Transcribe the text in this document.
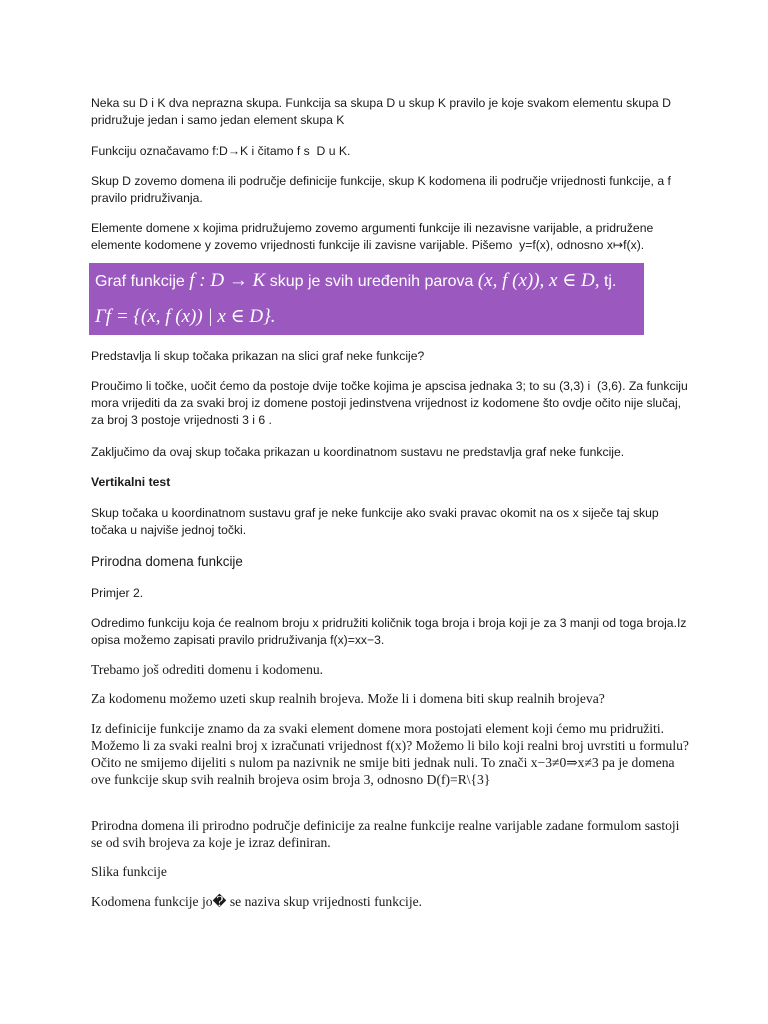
Neka su D i K dva neprazna skupa. Funkcija sa skupa D u skup K pravilo je koje svakom elementu skupa D pridružuje jedan i samo jedan element skupa K

Funkciju označavamo f:D→K i čitamo f s  D u K.

Skup D zovemo domena ili područje definicije funkcije, skup K kodomena ili područje vrijednosti funkcije, a f pravilo pridruživanja.

Elemente domene x kojima pridružujemo zovemo argumenti funkcije ili nezavisne varijable, a pridružene elemente kodomene y zovemo vrijednosti funkcije ili zavisne varijable. Pišemo  y=f(x), odnosno x↦f(x).

Graf funkcije f : D → K skup je svih uređenih parova (x, f (x)), x ∈ D, tj.
Γf = {(x, f (x)) | x ∈ D}.

Predstavlja li skup točaka prikazan na slici graf neke funkcije?

Proučimo li točke, uočit ćemo da postoje dvije točke kojima je apscisa jednaka 3; to su (3,3) i  (3,6). Za funkciju mora vrijediti da za svaki broj iz domene postoji jedinstvena vrijednost iz kodomene što ovdje očito nije slučaj, za broj 3 postoje vrijednosti 3 i 6 .

Zaključimo da ovaj skup točaka prikazan u koordinatnom sustavu ne predstavlja graf neke funkcije.

Vertikalni test

Skup točaka u koordinatnom sustavu graf je neke funkcije ako svaki pravac okomit na os x siječe taj skup točaka u najviše jednoj točki.

Prirodna domena funkcije

Primjer 2.

Odredimo funkciju koja će realnom broju x pridružiti količnik toga broja i broja koji je za 3 manji od toga broja.Iz opisa možemo zapisati pravilo pridruživanja f(x)=xx−3.

Trebamo još odrediti domenu i kodomenu.

Za kodomenu možemo uzeti skup realnih brojeva. Može li i domena biti skup realnih brojeva?

Iz definicije funkcije znamo da za svaki element domene mora postojati element koji ćemo mu pridružiti. Možemo li za svaki realni broj x izračunati vrijednost f(x)? Možemo li bilo koji realni broj uvrstiti u formulu? Očito ne smijemo dijeliti s nulom pa nazivnik ne smije biti jednak nuli. To znači x−3≠0⇒x≠3 pa je domena ove funkcije skup svih realnih brojeva osim broja 3, odnosno D(f)=R\{3}

Prirodna domena ili prirodno područje definicije za realne funkcije realne varijable zadane formulom sastoji se od svih brojeva za koje je izraz definiran.

Slika funkcije

Kodomena funkcije jo� se naziva skup vrijednosti funkcije.
